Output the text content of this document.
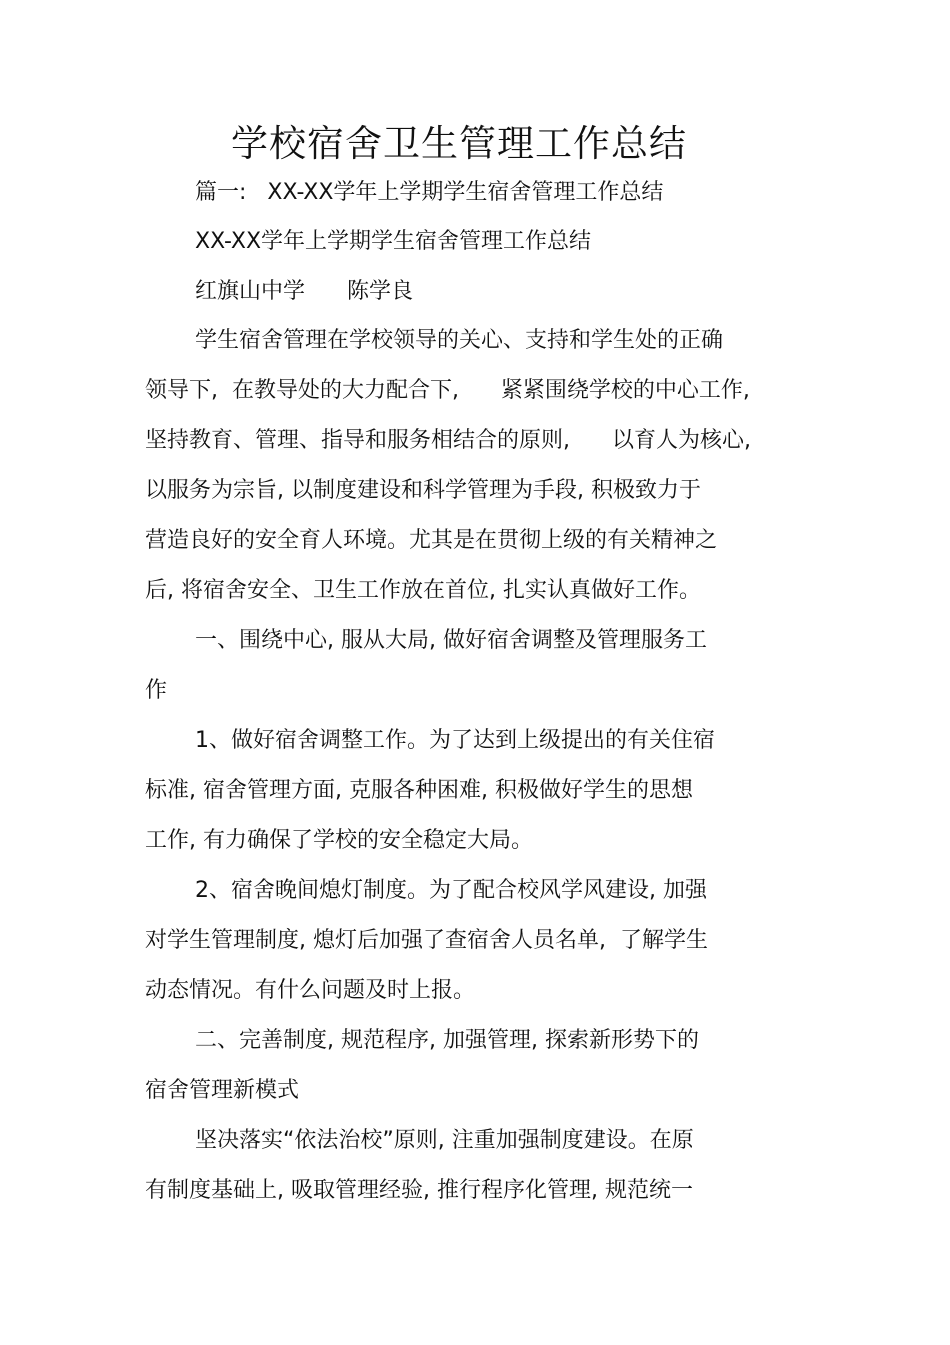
学校宿舍卫生管理工作总结

篇一:   XX-XX学年上学期学生宿舍管理工作总结

XX-XX学年上学期学生宿舍管理工作总结

红旗山中学      陈学良

学生宿舍管理在学校领导的关心、支持和学生处的正确

领导下,  在教导处的大力配合下,      紧紧围绕学校的中心工作,

坚持教育、管理、指导和服务相结合的原则,      以育人为核心,

以服务为宗旨, 以制度建设和科学管理为手段, 积极致力于

营造良好的安全育人环境。尤其是在贯彻上级的有关精神之

后, 将宿舍安全、卫生工作放在首位, 扎实认真做好工作。

一、围绕中心, 服从大局, 做好宿舍调整及管理服务工

作

1、做好宿舍调整工作。为了达到上级提出的有关住宿

标准, 宿舍管理方面, 克服各种困难, 积极做好学生的思想

工作, 有力确保了学校的安全稳定大局。

2、宿舍晚间熄灯制度。为了配合校风学风建设, 加强

对学生管理制度, 熄灯后加强了查宿舍人员名单,  了解学生

动态情况。有什么问题及时上报。

二、完善制度, 规范程序, 加强管理, 探索新形势下的

宿舍管理新模式

坚决落实“依法治校”原则, 注重加强制度建设。在原

有制度基础上, 吸取管理经验, 推行程序化管理, 规范统一
